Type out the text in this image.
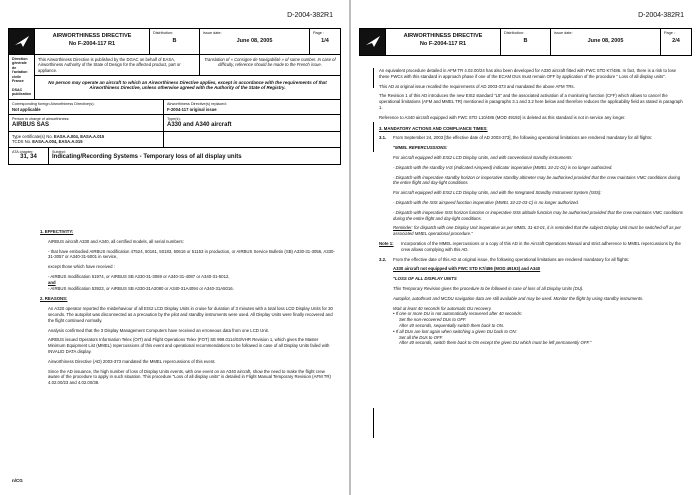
D-2004-382R1
AIRWORTHINESS DIRECTIVE
No F-2004-117 R1
Distribution:
B
Issue date:
June 08, 2005
Page :
1/4
Direction
générale
de l'aviation
civile
France
DSAC
publication
This Airworthiness Directive is published by the DGAC on behalf of EASA, Airworthiness Authority of the State of Design for the affected product, part or appliance.
Translation of « Consigne de Navigabilité » of same number. In case of difficulty, reference should be made to the French issue.
No person may operate an aircraft to which an Airworthiness Directive applies, except in accordance with the requirements of that Airworthiness Directive, unless otherwise agreed with the Authority of the State of Registry.
Corresponding foreign Airworthiness Directive(s):
Not applicable
Airworthiness Directive(s) replaced:
F-2004-117 original issue
Person in charge of airworthiness:
AIRBUS SAS
Type(s):
A330 and A340 aircraft
Type certificate(s) No. EASA.A.004, EASA.A.015
TCDS No. EASA.A.004, EASA.A.015
ATA chapter:
31, 34
Subject:
Indicating/Recording Systems - Temporary loss of all display units
1. EFFECTIVITY:

AIRBUS aircraft A330 and A340, all certified models, all serial numbers:

- that have embodied AIRBUS modification 47524, 50161, 50183, 50616 or 51153 in production, or AIRBUS Service Bulletin (SB) A330-31-3056, A330-31-3057 or A340-31-5001 in service,

except those which have received :

- AIRBUS modification 51974, or AIRBUS SB A330-31-3069 or A340-31-4087 or A340-31-5012,

and

- AIRBUS modification 53923, or AIRBUS SB A330-31A3080 or A340-31A4094 or A340-31A5016.

2. REASONS:

An A320 operator reported the misbehaviour of all EIS2 LCD Display Units in cruise for duration of 3 minutes with a total loss LCD Display Units for 30 seconds. The autopilot was disconnected as a precaution by the pilot and standby instruments were used. All Display Units were finally recovered and the flight continued normally.

Analysis confirmed that the 3 Display Management Computers have received an erroneous data from one LCD Unit.

AIRBUS issued Operators Information Telex (OIT) and Flight Operations Telex (FOT) SE 999.0114/03/VHR Revision 1, which gives the Master Minimum Equipment List (MMEL) repercussions of this event and operational recommendations to be followed in case of all Display Units failed with INVALID DATA display.

Airworthiness Directive (AD) 2003-373 mandated the MMEL repercussions of this event.

Since the AD issuance, the high number of loss of Display Units events, with one event on an A340 aircraft, show the need to make the flight crew aware of the procedure to apply in such situation. This procedure "Loss of all display units" is detailed in Flight Manual Temporary Revision (AFM TR) 4.02.00/23 and 4.02.00/38.

n/CG
D-2004-382R1
AIRWORTHINESS DIRECTIVE
No F-2004-117 R1
Distribution:
B
Issue date:
June 08, 2005
Page :
2/4

An equivalent procedure detailed in AFM TR 4.02.00/24 has also been developed for A330 aircraft fitted with FWC STD K7/486. In fact, there is a risk to lose these FWCs with this standard in approach phase if one of the ECAM DUs must remain OFF by application of the procedure " Loss of all display units".

This AD at original issue recalled the requirements of AD 2003-373 and mandated the above AFM TRs.

The Revision 1 of this AD introduces the new EIS2 standard "L5" and the associated activation of a monitoring function (CFF) which allows to cancel the operational limitations (AFM and MMEL TR) mentioned in paragraphs 3.1 and 3.2 here below and therefore reduces the applicability field as stated in paragraph 1.

Reference to A340 aircraft equipped with FWC STD L10/486 (MOD 49192) is deleted as this standard is not in service any longer.

3. MANDATORY ACTIONS AND COMPLIANCE TIMES:
3.1.	From September 24, 2003 [the effective date of AD 2003-373], the following operational limitations are rendered mandatory for all flights:

"MMEL REPERCUSSIONS:

For aircraft equipped with EIS2 LCD Display Units, and with conventional standby instruments:

- Dispatch with the standby IAS (Indicated Airspeed) indicator inoperative (MMEL 34-21-01) is no longer authorized.

- Dispatch with inoperative standby horizon or inoperative standby altimeter may be authorised provided that the crew maintains VMC conditions during the entire flight and day-light conditions.

For aircraft equipped with EIS2 LCD Display Units, and with the Integrated Standby Instrument System (ISIS):

- Dispatch with the ISIS airspeed function inoperative (MMEL 34-22-03-C) is no longer authorized.

- Dispatch with inoperative ISIS horizon function or inoperative ISIS altitude function may be authorised provided that the crew maintains VMC conditions during the entire flight and day-light conditions.

Reminder: for dispatch with one Display Unit inoperative as per MMEL 31-63-01, it is reminded that the subject Display Unit must be switched-off as per associated MMEL operational procedure."

Note 1:	Incorporation of the MMEL repercussions or a copy of this AD in the Aircraft Operations Manual and strict adherence to MMEL repercussions by the crew allows complying with this AD.

3.2.	From the effective date of this AD at original issue, the following operational limitations are rendered mandatory for all flights:

A330 aircraft not equipped with FWC STD K7/486 (MOD 49193) and A340

"LOSS OF ALL DISPLAY UNITS

This Temporary Revision gives the procedure to be followed in case of loss of all Display Units (DU).

Autopilot, autothrust and MCDU navigation data are still available and may be used. Monitor the flight by using standby instruments.

Wait at least 40 seconds for automatic DU recovery.
• If one or more DU is not automatically recovered after 40 seconds:
Set the non-recovered DUs to OFF.
After 40 seconds, sequentially switch them back to ON.
• If all DUs are lost again when switching a given DU back to ON:
Set all the DUs to OFF.
After 40 seconds, switch them back to ON except the given DU which must be left permanently OFF."
